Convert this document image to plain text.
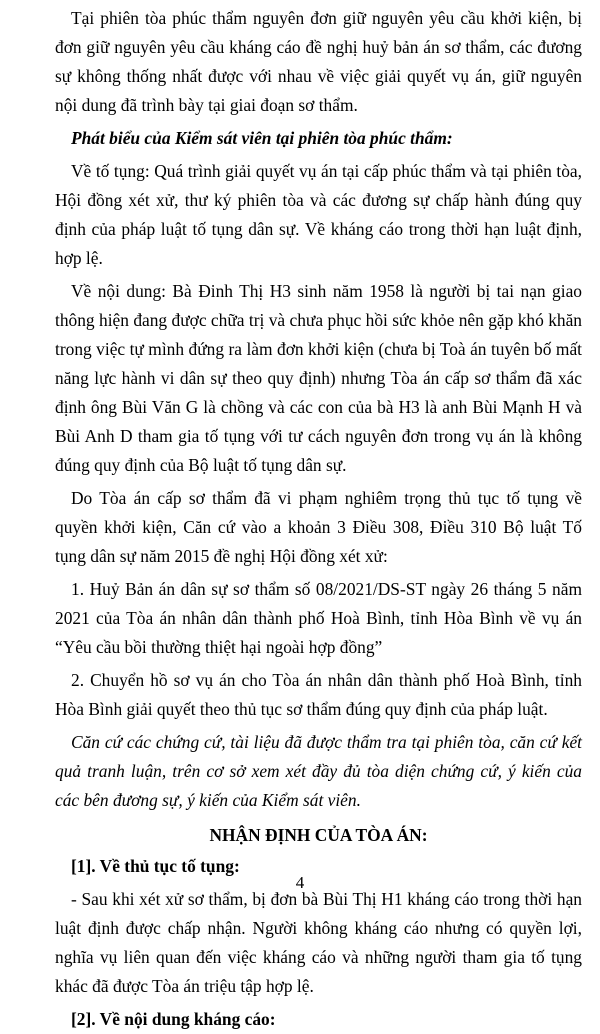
Tại phiên tòa phúc thẩm nguyên đơn giữ nguyên yêu cầu khởi kiện, bị đơn giữ nguyên yêu cầu kháng cáo đề nghị huỷ bản án sơ thẩm, các đương sự không thống nhất được với nhau về việc giải quyết vụ án, giữ nguyên nội dung đã trình bày tại giai đoạn sơ thẩm.

Phát biểu của Kiểm sát viên tại phiên tòa phúc thẩm:

Về tố tụng: Quá trình giải quyết vụ án tại cấp phúc thẩm và tại phiên tòa, Hội đồng xét xử, thư ký phiên tòa và các đương sự chấp hành đúng quy định của pháp luật tố tụng dân sự. Về kháng cáo trong thời hạn luật định, hợp lệ.

Về nội dung: Bà Đinh Thị H3 sinh năm 1958 là người bị tai nạn giao thông hiện đang được chữa trị và chưa phục hồi sức khỏe nên gặp khó khăn trong việc tự mình đứng ra làm đơn khởi kiện (chưa bị Toà án tuyên bố mất năng lực hành vi dân sự theo quy định) nhưng Tòa án cấp sơ thẩm đã xác định ông Bùi Văn G là chồng và các con của bà H3 là anh Bùi Mạnh H và Bùi Anh D tham gia tố tụng với tư cách nguyên đơn trong vụ án là không đúng quy định của Bộ luật tố tụng dân sự.

Do Tòa án cấp sơ thẩm đã vi phạm nghiêm trọng thủ tục tố tụng về quyền khởi kiện, Căn cứ vào a khoản 3 Điều 308, Điều 310 Bộ luật Tố tụng dân sự năm 2015 đề nghị Hội đồng xét xử:

1. Huỷ Bản án dân sự sơ thẩm số 08/2021/DS-ST ngày 26 tháng 5 năm 2021 của Tòa án nhân dân thành phố Hoà Bình, tỉnh Hòa Bình về vụ án “Yêu cầu bồi thường thiệt hại ngoài hợp đồng”

2. Chuyển hồ sơ vụ án cho Tòa án nhân dân thành phố Hoà Bình, tỉnh Hòa Bình giải quyết theo thủ tục sơ thẩm đúng quy định của pháp luật.

Căn cứ các chứng cứ, tài liệu đã được thẩm tra tại phiên tòa, căn cứ kết quả tranh luận, trên cơ sở xem xét đầy đủ tòa diện chứng cứ, ý kiến của các bên đương sự, ý kiến của Kiểm sát viên.

NHẬN ĐỊNH CỦA TÒA ÁN:

[1]. Về thủ tục tố tụng:

- Sau khi xét xử sơ thẩm, bị đơn bà Bùi Thị H1 kháng cáo trong thời hạn luật định được chấp nhận. Người không kháng cáo nhưng có quyền lợi, nghĩa vụ liên quan đến việc kháng cáo và những người tham gia tố tụng khác đã được Tòa án triệu tập hợp lệ.

[2]. Về nội dung kháng cáo:

4
